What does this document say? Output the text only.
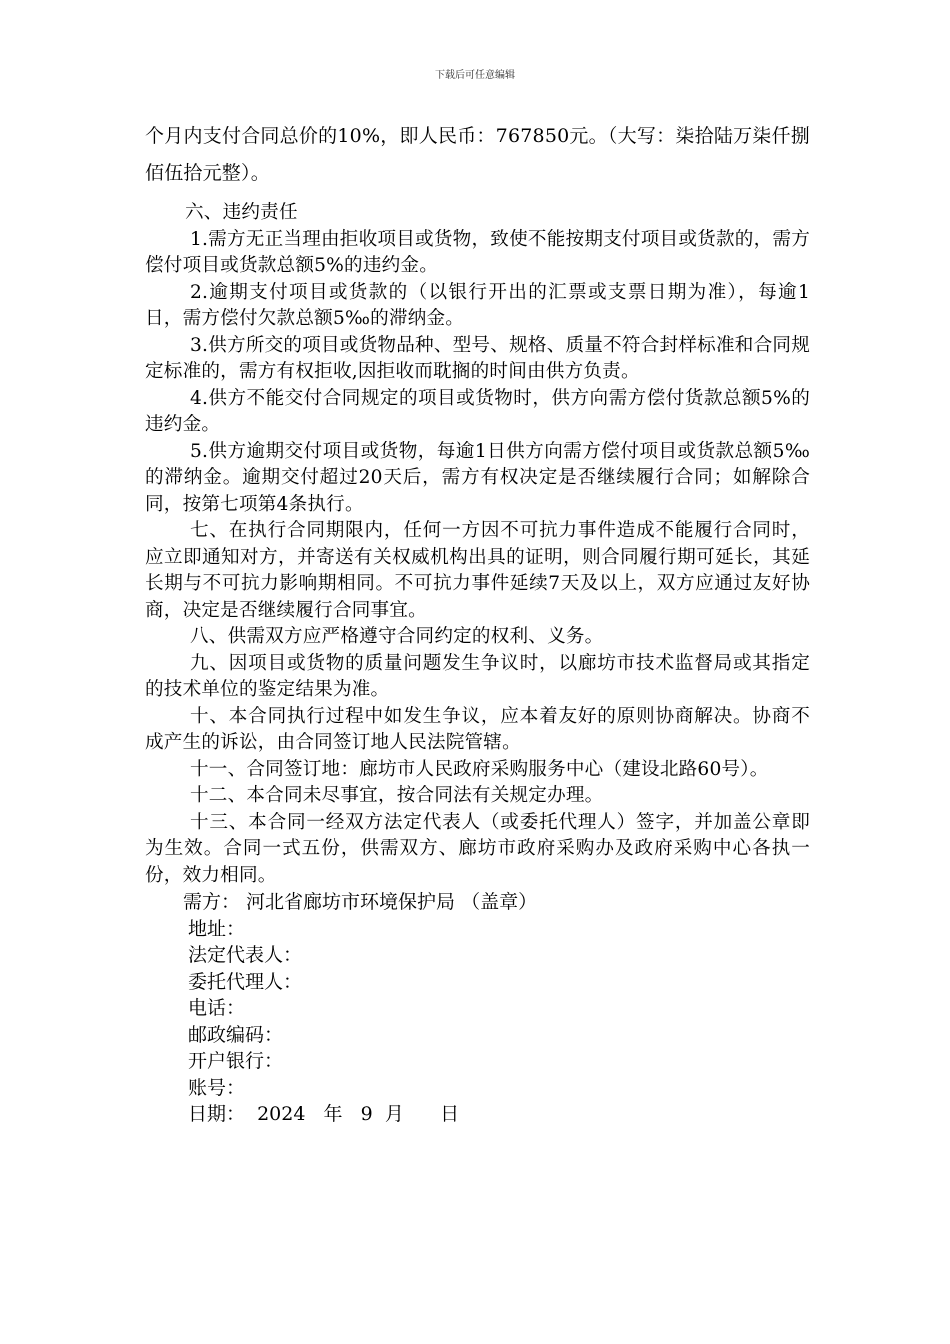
下载后可任意编辑

个月内支付合同总价的10%，即人民币：767850元。（大写：柒拾陆万柒仟捌佰伍拾元整）。

六、违约责任

1.需方无正当理由拒收项目或货物，致使不能按期支付项目或货款的，需方偿付项目或货款总额5%的违约金。

2.逾期支付项目或货款的（以银行开出的汇票或支票日期为准），每逾1日，需方偿付欠款总额5‰的滞纳金。

3.供方所交的项目或货物品种、型号、规格、质量不符合封样标准和合同规定标准的，需方有权拒收,因拒收而耽搁的时间由供方负责。

4.供方不能交付合同规定的项目或货物时，供方向需方偿付货款总额5%的违约金。

5.供方逾期交付项目或货物，每逾1日供方向需方偿付项目或货款总额5‰的滞纳金。逾期交付超过20天后，需方有权决定是否继续履行合同；如解除合同，按第七项第4条执行。

七、在执行合同期限内，任何一方因不可抗力事件造成不能履行合同时，应立即通知对方，并寄送有关权威机构出具的证明，则合同履行期可延长，其延长期与不可抗力影响期相同。不可抗力事件延续7天及以上，双方应通过友好协商，决定是否继续履行合同事宜。

八、供需双方应严格遵守合同约定的权利、义务。

九、因项目或货物的质量问题发生争议时，以廊坊市技术监督局或其指定的技术单位的鉴定结果为准。

十、本合同执行过程中如发生争议，应本着友好的原则协商解决。协商不成产生的诉讼，由合同签订地人民法院管辖。

十一、合同签订地：廊坊市人民政府采购服务中心（建设北路60号）。

十二、本合同未尽事宜，按合同法有关规定办理。

十三、本合同一经双方法定代表人（或委托代理人）签字，并加盖公章即为生效。合同一式五份，供需双方、廊坊市政府采购办及政府采购中心各执一份，效力相同。

需方： 河北省廊坊市环境保护局 （盖章）

地址：

法定代表人：

委托代理人：

电话：

邮政编码：

开户银行：

账号：

日期：  2024   年   9  月      日
